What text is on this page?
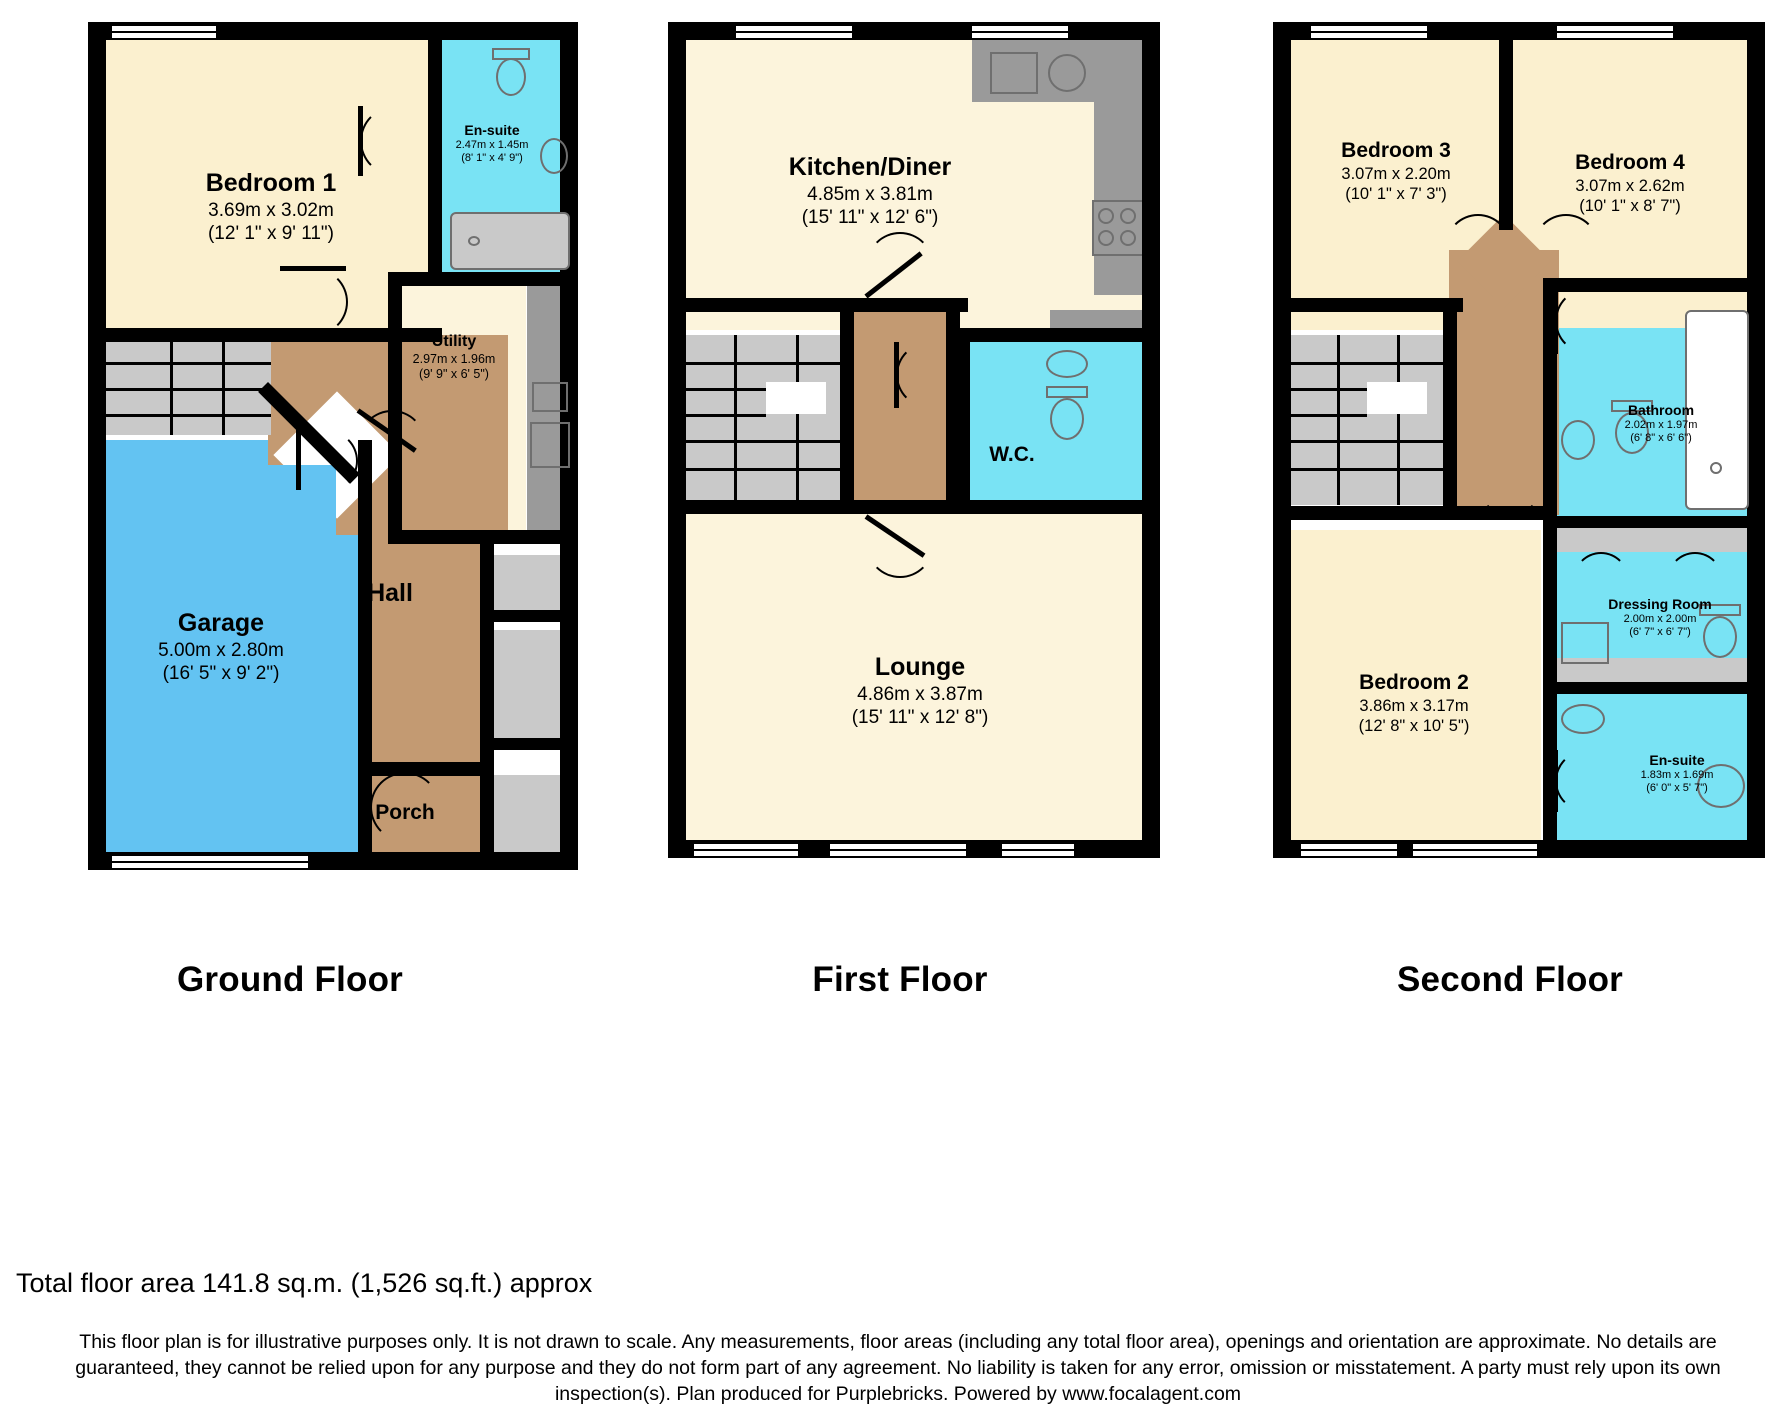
Bedroom 1
3.69m x 3.02m
(12' 1" x 9' 11")
En-suite
2.47m x 1.45m
(8' 1" x 4' 9")
Utility
2.97m x 1.96m
(9' 9" x 6' 5")
Garage
5.00m x 2.80m
(16' 5" x 9' 2")
Hall
Porch
Ground Floor
Kitchen/Diner
4.85m x 3.81m
(15' 11" x 12' 6")
W.C.
Lounge
4.86m x 3.87m
(15' 11" x 12' 8")
First Floor
Bedroom 3
3.07m x 2.20m
(10' 1" x 7' 3")
Bedroom 4
3.07m x 2.62m
(10' 1" x 8' 7")
Bathroom
2.02m x 1.97m
(6' 8" x 6' 6")
Dressing Room
2.00m x 2.00m
(6' 7" x 6' 7")
Bedroom 2
3.86m x 3.17m
(12' 8" x 10' 5")
En-suite
1.83m x 1.69m
(6' 0" x 5' 7")
Second Floor
Total floor area 141.8 sq.m. (1,526 sq.ft.) approx
This floor plan is for illustrative purposes only. It is not drawn to scale. Any measurements, floor areas (including any total floor area), openings and orientation are approximate. No details are guaranteed, they cannot be relied upon for any purpose and they do not form part of any agreement. No liability is taken for any error, omission or misstatement. A party must rely upon its own inspection(s). Plan produced for Purplebricks. Powered by www.focalagent.com
